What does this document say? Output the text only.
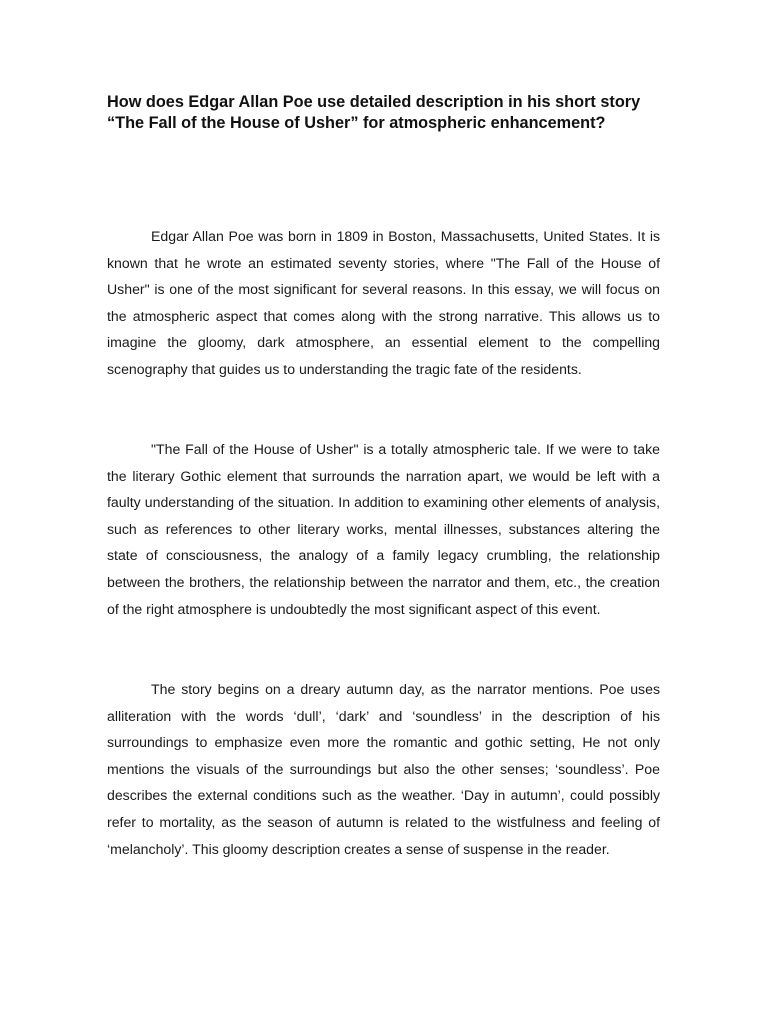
How does Edgar Allan Poe use detailed description in his short story “The Fall of the House of Usher” for atmospheric enhancement?

Edgar Allan Poe was born in 1809 in Boston, Massachusetts, United States. It is known that he wrote an estimated seventy stories, where "The Fall of the House of Usher" is one of the most significant for several reasons. In this essay, we will focus on the atmospheric aspect that comes along with the strong narrative. This allows us to imagine the gloomy, dark atmosphere, an essential element to the compelling scenography that guides us to understanding the tragic fate of the residents.

"The Fall of the House of Usher" is a totally atmospheric tale. If we were to take the literary Gothic element that surrounds the narration apart, we would be left with a faulty understanding of the situation. In addition to examining other elements of analysis, such as references to other literary works, mental illnesses, substances altering the state of consciousness, the analogy of a family legacy crumbling, the relationship between the brothers, the relationship between the narrator and them, etc., the creation of the right atmosphere is undoubtedly the most significant aspect of this event.

The story begins on a dreary autumn day, as the narrator mentions. Poe uses alliteration with the words ‘dull’, ‘dark’ and ‘soundless’ in the description of his surroundings to emphasize even more the romantic and gothic setting, He not only mentions the visuals of the surroundings but also the other senses; ‘soundless’. Poe describes the external conditions such as the weather. ‘Day in autumn’, could possibly refer to mortality, as the season of autumn is related to the wistfulness and feeling of ‘melancholy’. This gloomy description creates a sense of suspense in the reader.
